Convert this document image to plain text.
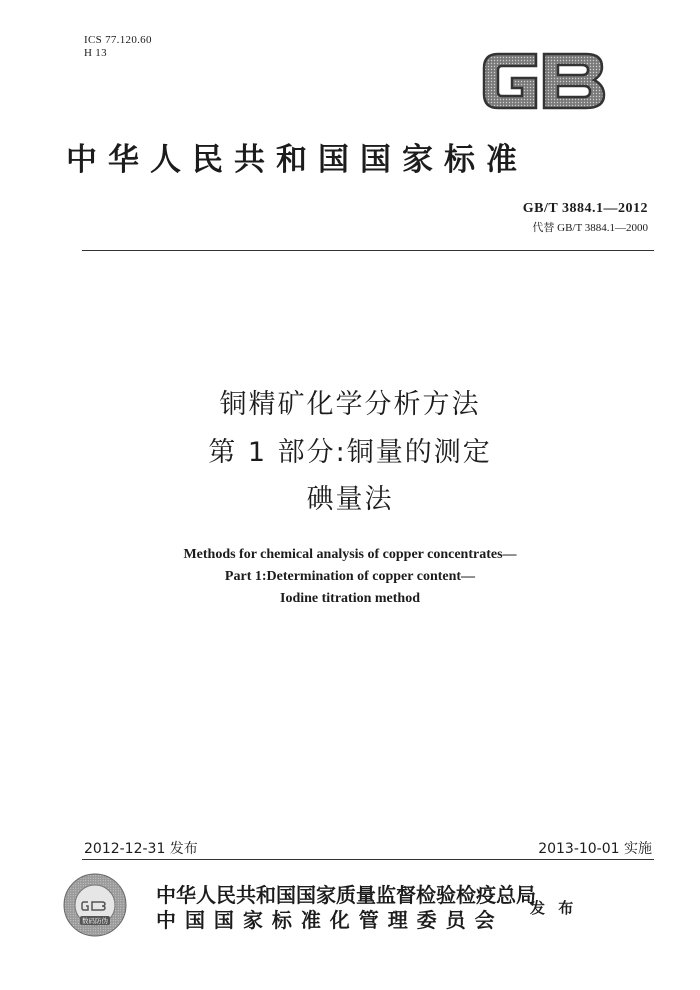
ICS 77.120.60
H 13
中华人民共和国国家标准
GB/T 3884.1—2012
代替 GB/T 3884.1—2000
铜精矿化学分析方法
第 1 部分:铜量的测定
碘量法
Methods for chemical analysis of copper concentrates—
Part 1:Determination of copper content—
Iodine titration method
2012-12-31 发布	2013-10-01 实施
数码防伪
中华人民共和国国家质量监督检验检疫总局
中 国 国 家 标 准 化 管 理 委 员 会 发 布
